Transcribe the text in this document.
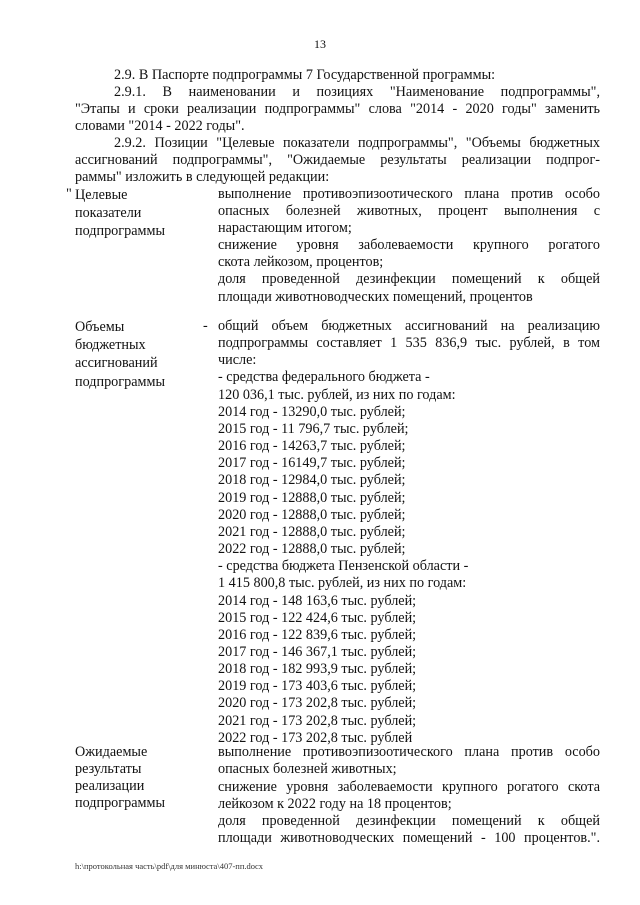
13
2.9. В Паспорте подпрограммы 7 Государственной программы:
2.9.1. В наименовании и позициях "Наименование подпрограммы",
"Этапы и сроки реализации подпрограммы" слова "2014 - 2020 годы" заменить
словами "2014 - 2022 годы".
2.9.2. Позиции "Целевые показатели подпрограммы", "Объемы бюджетных
ассигнований подпрограммы", "Ожидаемые результаты реализации подпрог-
раммы" изложить в следующей редакции:
" Целевые
показатели
подпрограммы
выполнение противоэпизоотического плана против особо
опасных болезней животных, процент выполнения с
нарастающим итогом;
снижение уровня заболеваемости крупного рогатого
скота лейкозом, процентов;
доля проведенной дезинфекции помещений к общей
площади животноводческих помещений, процентов
Объемы
бюджетных
ассигнований
подпрограммы
- общий объем бюджетных ассигнований на реализацию
подпрограммы составляет 1 535 836,9 тыс. рублей, в том
числе:
- средства федерального бюджета -
120 036,1 тыс. рублей, из них по годам:
2014 год - 13290,0 тыс. рублей;
2015 год - 11 796,7 тыс. рублей;
2016 год - 14263,7 тыс. рублей;
2017 год - 16149,7 тыс. рублей;
2018 год - 12984,0 тыс. рублей;
2019 год - 12888,0 тыс. рублей;
2020 год - 12888,0 тыс. рублей;
2021 год - 12888,0 тыс. рублей;
2022 год - 12888,0 тыс. рублей;
- средства бюджета Пензенской области -
1 415 800,8 тыс. рублей, из них по годам:
2014 год - 148 163,6 тыс. рублей;
2015 год - 122 424,6 тыс. рублей;
2016 год - 122 839,6 тыс. рублей;
2017 год - 146 367,1 тыс. рублей;
2018 год - 182 993,9 тыс. рублей;
2019 год - 173 403,6 тыс. рублей;
2020 год - 173 202,8 тыс. рублей;
2021 год - 173 202,8 тыс. рублей;
2022 год - 173 202,8 тыс. рублей
Ожидаемые
результаты
реализации
подпрограммы
выполнение противоэпизоотического плана против особо
опасных болезней животных;
снижение уровня заболеваемости крупного рогатого скота
лейкозом к 2022 году на 18 процентов;
доля проведенной дезинфекции помещений к общей
площади животноводческих помещений - 100 процентов.".
h:\протокольная часть\pdf\для минюста\407-пп.docx
